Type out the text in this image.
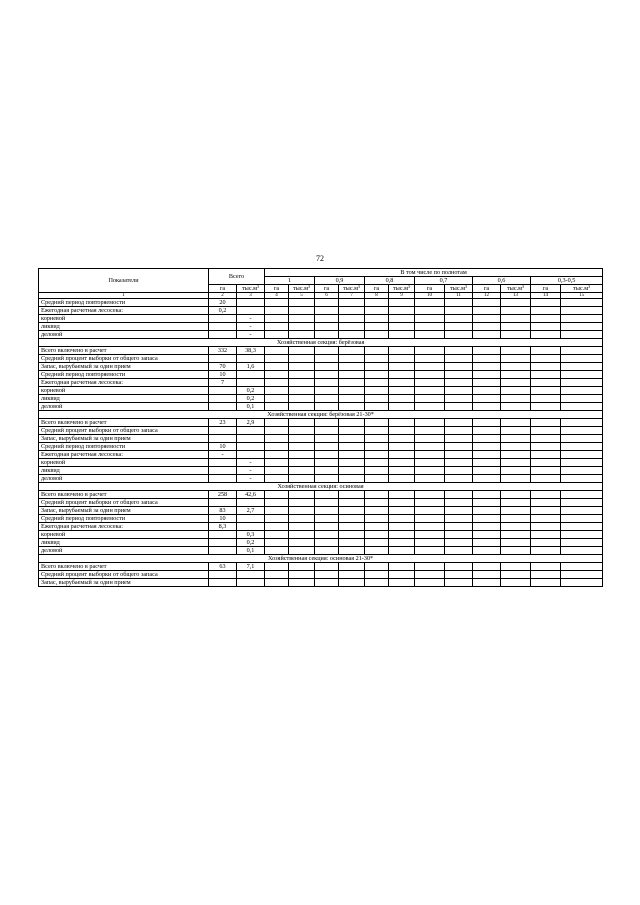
72
Показатели	Всего		В том числе по полнотам											
			1		0,9		0,8		0,7		0,6		0,3-0,5	
	га	$тыс.м^3$	га	$тыс.м^3$	га	$тыс.м^3$	га	$тыс.м^3$	га	$тыс.м^3$	га	$тыс.м^3$	га	$тыс.м^3$
1	2	3	4	5	6	7	8	9	10	11	12	13	14	15
Средний период повторяемости	20													
Ежегодная расчетная лесосека:	0,2													
корневой		-												
ликвид		-												
деловой		-												
Хозяйственная секция: берёзовая														
Всего включено в расчет	332	38,3												
Средний процент выборки от общего запаса														
Запас, вырубаемый за один прием	70	1,6												
Средний период повторяемости	10													
Ежегодная расчетная лесосека:	7													
корневой		0,2												
ликвид		0,2												
деловой		0,1												
Хозяйственная секция: берёзовая 21-30*														
Всего включено в расчет	23	2,9												
Средний процент выборки от общего запаса														
Запас, вырубаемый за один прием														
Средний период повторяемости	10													
Ежегодная расчетная лесосека:	-													
корневой		-												
ликвид		-												
деловой		-												
Хозяйственная секция: осиновая														
Всего включено в расчет	258	42,6												
Средний процент выборки от общего запаса														
Запас, вырубаемый за один прием	83	2,7												
Средний период повторяемости	10													
Ежегодная расчетная лесосека:	8,3													
корневой		0,3												
ликвид		0,2												
деловой		0,1												
Хозяйственная секция: осиновая 21-30*														
Всего включено в расчет	63	7,1												
Средний процент выборки от общего запаса														
Запас, вырубаемый за один прием														
